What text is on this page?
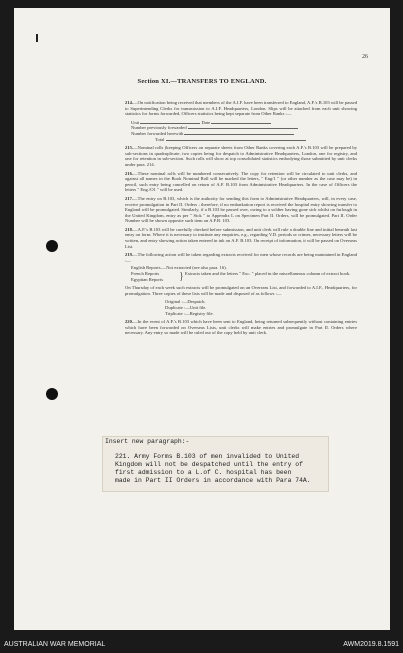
26
Section XI.—TRANSFERS TO ENGLAND.

214.—On notification being received that members of the A.I.F. have been transferred to England, A.F.'s B.103 will be passed to Superintending Clerks for transmission to A.I.F. Headquarters, London. Slips will be attached from each unit showing statistics for forms forwarded, Officers statistics being kept separate from Other Ranks :—

Unit	Date
Number previously forwarded
Number forwarded herewith
Total

215.—Nominal rolls (keeping Officers on separate sheets from Other Ranks covering each A.F.'s B.103 will be prepared by sub-sections in quadruplicate, two copies being for despatch to Administrative Headquarters, London, one for registry, and one for retention in sub-section. Such rolls will show at top consolidated statistics embodying those submitted by unit clerks under para. 214.

216.—These nominal rolls will be numbered consecutively. The copy for retention will be circulated to unit clerks, and against all names in the Book Nominal Roll will be marked the letters, " Eng/1 " (or other number as the case may be) in pencil, such entry being cancelled on return of A.F. B.103 from Administrative Headquarters. In the case of Officers the letters " Eng./O1 " will be used.

217.—The entry on B.103, which is the authority for sending this form to Administrative Headquarters, will, in every case, receive promulgation in Part II. Orders ; therefore, if no embarkation report is received the hospital entry showing transfer to England will be promulgated. Similarly, if a B.103 be passed over, owing to a soldier having gone sick whilst on furlough in the United Kingdom, entry as per " Sick " to Appendix L on Specimen Part II. Orders, will be promulgated. Part II. Order Number will be shown opposite such item on A.F.B. 103.

218.—A.F.'s B.103 will be carefully checked before submission, and unit clerk will rule a double line and initial beneath last entry on form. Where it is necessary to institute any enquiries, e.g., regarding V.D. periods or crimes, necessary letters will be written, and entry showing action taken entered in ink on A.F. B.103. On receipt of information, it will be passed on Overseas List.

219.—The following action will be taken regarding extracts received for men whose records are being maintained in England :—

English Reports.—Not extracted (see also para. 16).
French Reports
Egyptian Reports	} Extracts taken and the letters " Exc. " placed in the miscellaneous column of extract book.

On Thursday of each week such extracts will be promulgated on an Overseas List, and forwarded to A.I.F., Headquarters, for promulgation. Three copies of these lists will be made and disposed of as follows :—

Original :—Despatch.
Duplicate :—Unit file.
Triplicate :—Registry file.

220.—In the event of A.F.'s B.103 which have been sent to England, being returned subsequently without containing entries which have been forwarded on Overseas Lists, unit clerks will make entries and promulgate in Part II. Orders where necessary. Any entry so made will be ruled out of the copy held by unit clerk.

Insert new paragraph:-
221. Army Forms B.103 of men invalided to United
Kingdom will not be despatched until the entry of
first admission to a L.of C. hospital has been
made in Part II Orders in accordance with Para 74A.
AUSTRALIAN WAR MEMORIAL	AWM2019.8.1591
